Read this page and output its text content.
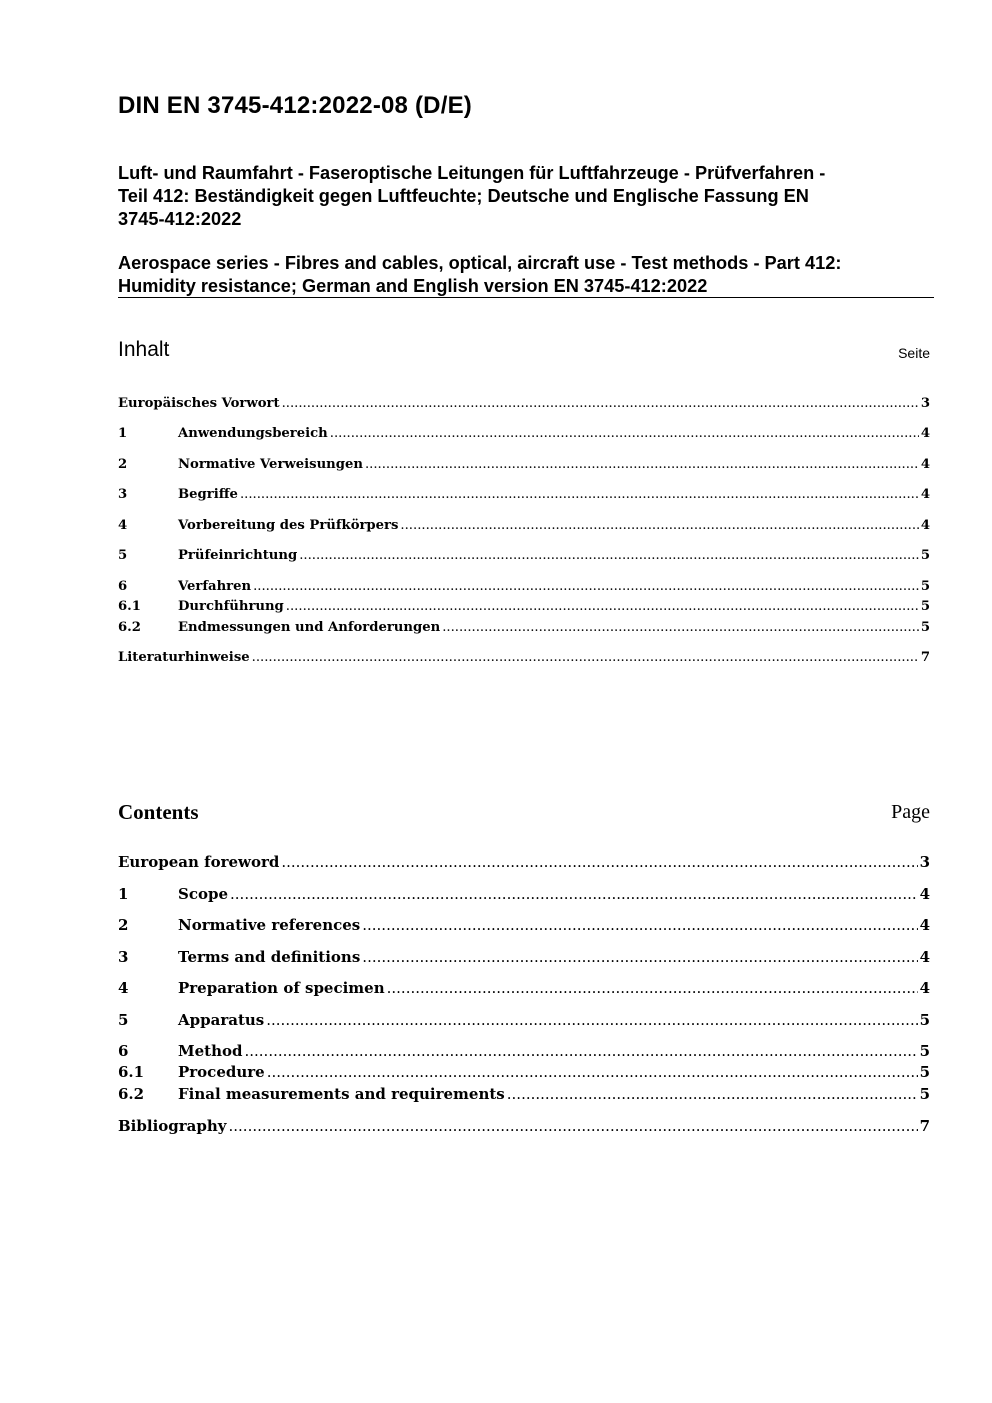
DIN EN 3745-412:2022-08 (D/E)
Luft- und Raumfahrt - Faseroptische Leitungen für Luftfahrzeuge - Prüfverfahren -
Teil 412: Beständigkeit gegen Luftfeuchte; Deutsche und Englische Fassung EN
3745-412:2022
Aerospace series - Fibres and cables, optical, aircraft use - Test methods - Part 412:
Humidity resistance; German and English version EN 3745-412:2022
Inhalt	Seite
Europäisches Vorwort .....	3
1	Anwendungsbereich .....	4
2	Normative Verweisungen .....	4
3	Begriffe .....	4
4	Vorbereitung des Prüfkörpers .....	4
5	Prüfeinrichtung .....	5
6	Verfahren .....	5
6.1	Durchführung .....	5
6.2	Endmessungen und Anforderungen .....	5
Literaturhinweise .....	7
Contents	Page
European foreword .....	3
1	Scope .....	4
2	Normative references .....	4
3	Terms and definitions .....	4
4	Preparation of specimen .....	4
5	Apparatus .....	5
6	Method .....	5
6.1	Procedure .....	5
6.2	Final measurements and requirements .....	5
Bibliography .....	7
